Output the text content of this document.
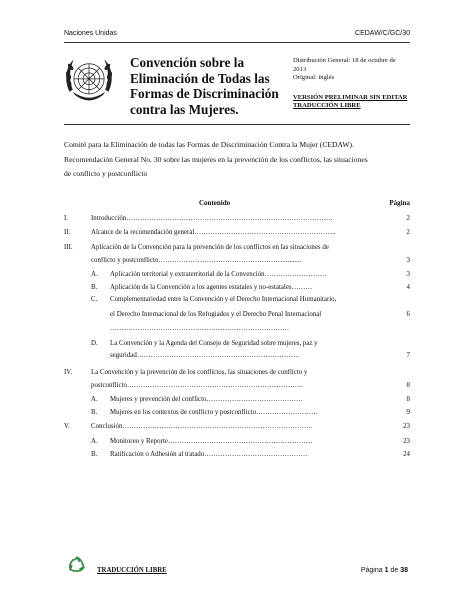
Naciones Unidas	CEDAW/C/GC/30
Convención sobre la
Eliminación de Todas las
Formas de Discriminación
contra las Mujeres.

Distribución General: 18 de octubre de

2013

Original: inglés

VERSIÓN PRELIMINAR SIN EDITAR
TRADUCCIÓN LIBRE

Comité para la Eliminación de todas las Formas de Discriminación Contra la Mujer (CEDAW).

Recomendación General No. 30 sobre las mujeres en la prevención de los conflictos, las situaciones

de conflicto y postconflicto

Contenido	Página
I.	Introducción………………………………………………………………………………	2
II.	Alcance de la recomendación general……………………………………………………..	2
III.	Aplicación de la Convención para la prevención de los conflictos en las situaciones de
conflicto y postconflicto………………………………………………...........	3
A. Aplicación territorial y extraterritorial de la Convención………………………	3
B. Aplicación de la Convención a los agentes estatales y no-estatales………	4
C. Complementariedad entre la Convención y el Derecho Internacional Humanitario,
el Derecho Internacional de los Refugiados y el Derecho Penal Internacional	6
……………………………………………………………………
D. La Convención y la Agenda del Consejo de Seguridad sobre mujeres, paz y
seguridad……………………………………………………………..	7
IV.	La Convención y la prevención de los conflictos, las situaciones de conflicto y
postconflicto…………………………………………………………………..	8
A. Mujeres y prevención del conflicto……………………………………	8
B. Mujeres en los contextos de conflicto y postconflicto………………………	9
V.	Conclusión………………………………………………………………………..	23
A. Monitoreo y Reporte………………………………………………………	23
B. Ratificación o Adhesión al tratado………………………………………	24
TRADUCCIÓN LIBRE	Página 1 de 38
